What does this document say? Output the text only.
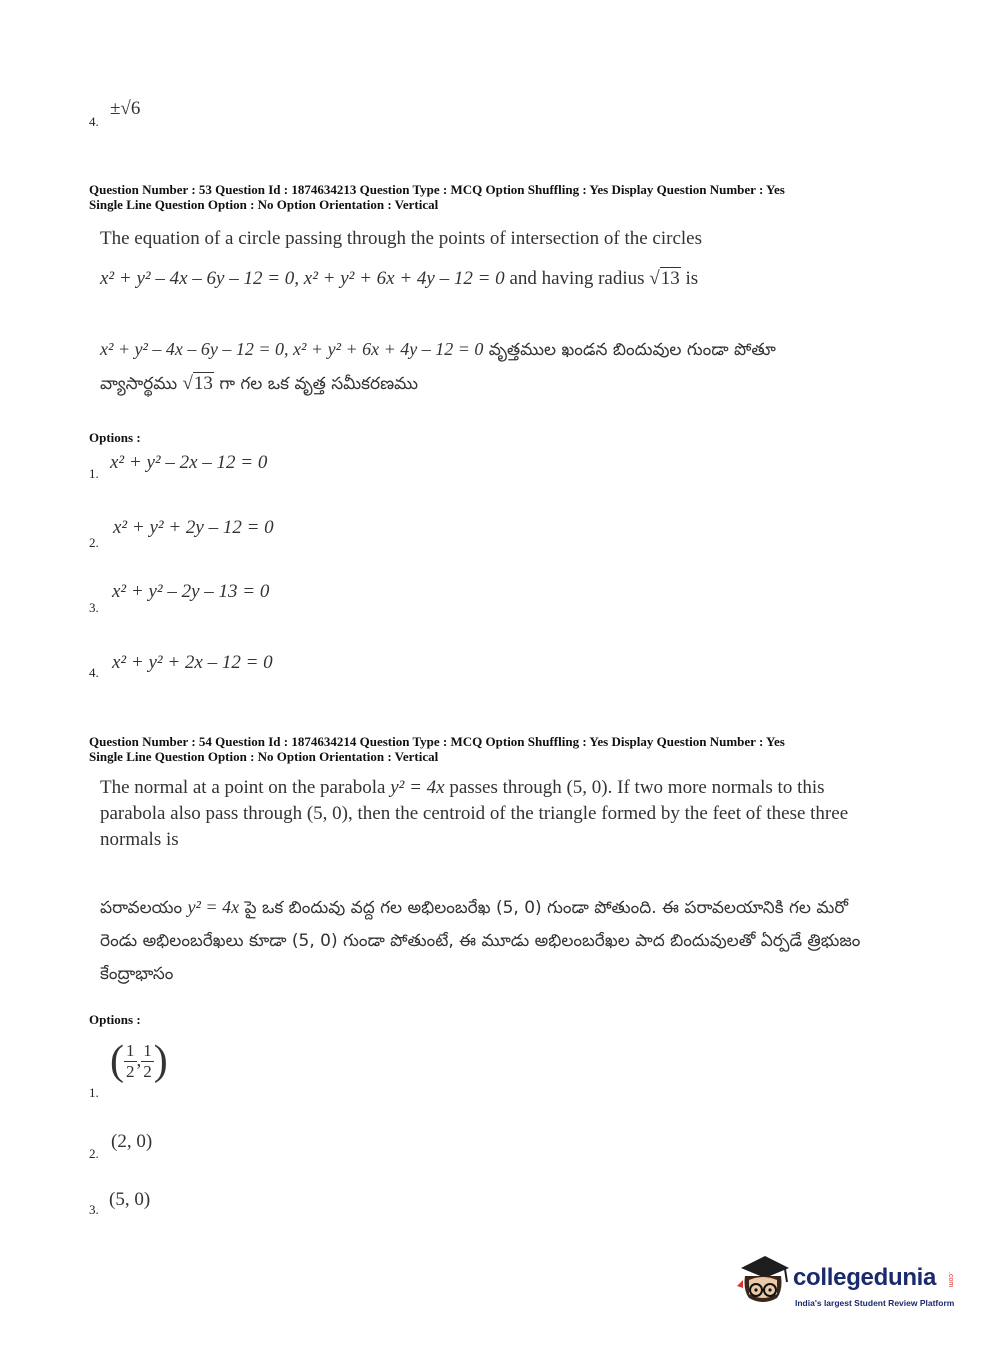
4.
±√6
Question Number : 53 Question Id : 1874634213 Question Type : MCQ Option Shuffling : Yes Display Question Number : Yes
Single Line Question Option : No Option Orientation : Vertical
The equation of a circle passing through the points of intersection of the circles
x² + y² – 4x – 6y – 12 = 0, x² + y² + 6x + 4y – 12 = 0 and having radius √13 is
x² + y² – 4x – 6y – 12 = 0, x² + y² + 6x + 4y – 12 = 0 వృత్తముల ఖండన బిందువుల గుండా పోతూ
వ్యాసార్థము √13 గా గల ఒక వృత్త సమీకరణము
Options :
1.
x² + y² – 2x – 12 = 0
2.
x² + y² + 2y – 12 = 0
3.
x² + y² – 2y – 13 = 0
4. x² + y² + 2x – 12 = 0
Question Number : 54 Question Id : 1874634214 Question Type : MCQ Option Shuffling : Yes Display Question Number : Yes
Single Line Question Option : No Option Orientation : Vertical
The normal at a point on the parabola y² = 4x passes through (5, 0). If two more normals to this parabola also pass through (5, 0), then the centroid of the triangle formed by the feet of these three normals is
పరావలయం y² = 4x పై ఒక బిందువు వద్ద గల అభిలంబరేఖ (5, 0) గుండా పోతుంది. ఈ పరావలయానికి గల మరో రెండు అభిలంబరేఖలు కూడా (5, 0) గుండా పోతుంటే, ఈ మూడు అభిలంబరేఖల పాద బిందువులతో ఏర్పడే త్రిభుజం కేంద్రాభాసం
Options :
1.
( $\frac{1}{2}$ , $\frac{1}{2}$ )
2.
(2, 0)
3. (5, 0)
collegedunia .com
India's largest Student Review Platform
